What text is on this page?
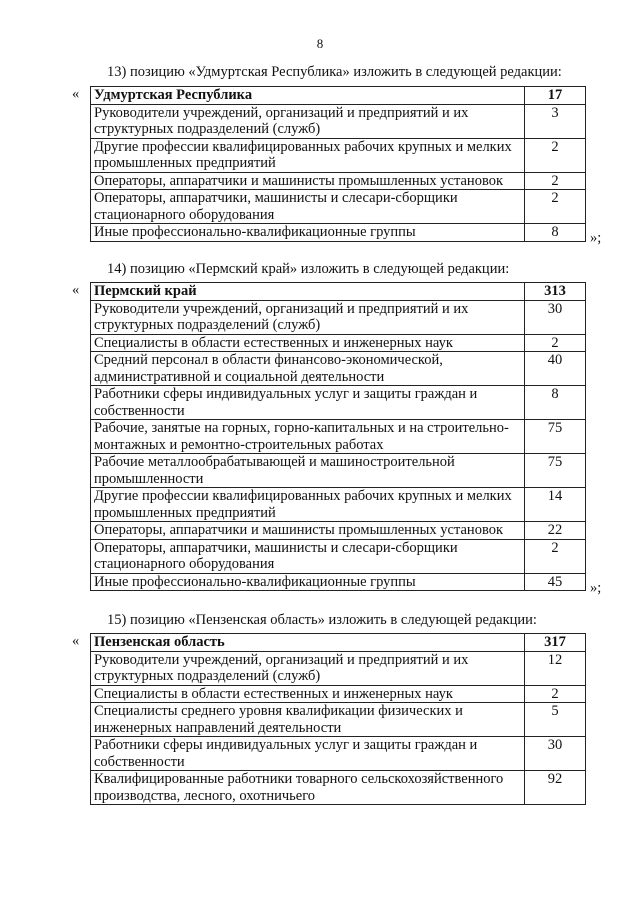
8
13) позицию «Удмуртская Республика» изложить в следующей редакции:
« Удмуртская Республика	17
Руководители учреждений, организаций и предприятий и их структурных подразделений (служб)	3
Другие профессии квалифицированных рабочих крупных и мелких промышленных предприятий	2
Операторы, аппаратчики и машинисты промышленных установок	2
Операторы, аппаратчики, машинисты и слесари-сборщики стационарного оборудования	2
Иные профессионально-квалификационные группы	8 »;
14) позицию «Пермский край» изложить в следующей редакции:
« Пермский край	313
Руководители учреждений, организаций и предприятий и их структурных подразделений (служб)	30
Специалисты в области естественных и инженерных наук	2
Средний персонал в области финансово-экономической, административной и социальной деятельности	40
Работники сферы индивидуальных услуг и защиты граждан и собственности	8
Рабочие, занятые на горных, горно-капитальных и на строительно-монтажных и ремонтно-строительных работах	75
Рабочие металлообрабатывающей и машиностроительной промышленности	75
Другие профессии квалифицированных рабочих крупных и мелких промышленных предприятий	14
Операторы, аппаратчики и машинисты промышленных установок	22
Операторы, аппаратчики, машинисты и слесари-сборщики стационарного оборудования	2
Иные профессионально-квалификационные группы	45 »;
15) позицию «Пензенская область» изложить в следующей редакции:
« Пензенская область	317
Руководители учреждений, организаций и предприятий и их структурных подразделений (служб)	12
Специалисты в области естественных и инженерных наук	2
Специалисты среднего уровня квалификации физических и инженерных направлений деятельности	5
Работники сферы индивидуальных услуг и защиты граждан и собственности	30
Квалифицированные работники товарного сельскохозяйственного производства, лесного, охотничьего	92
